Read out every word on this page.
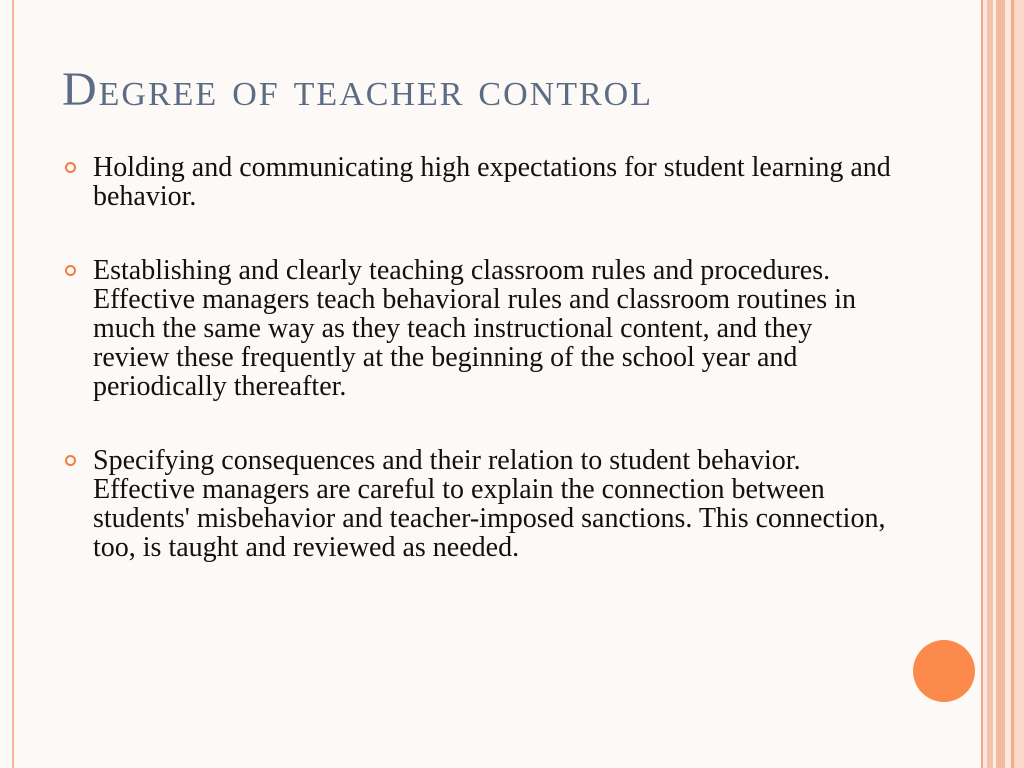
Degree of teacher control
Holding and communicating high expectations for student learning and behavior.
Establishing and clearly teaching classroom rules and procedures. Effective managers teach behavioral rules and classroom routines in much the same way as they teach instructional content, and they review these frequently at the beginning of the school year and periodically thereafter.
Specifying consequences and their relation to student behavior. Effective managers are careful to explain the connection between students' misbehavior and teacher-imposed sanctions. This connection, too, is taught and reviewed as needed.
